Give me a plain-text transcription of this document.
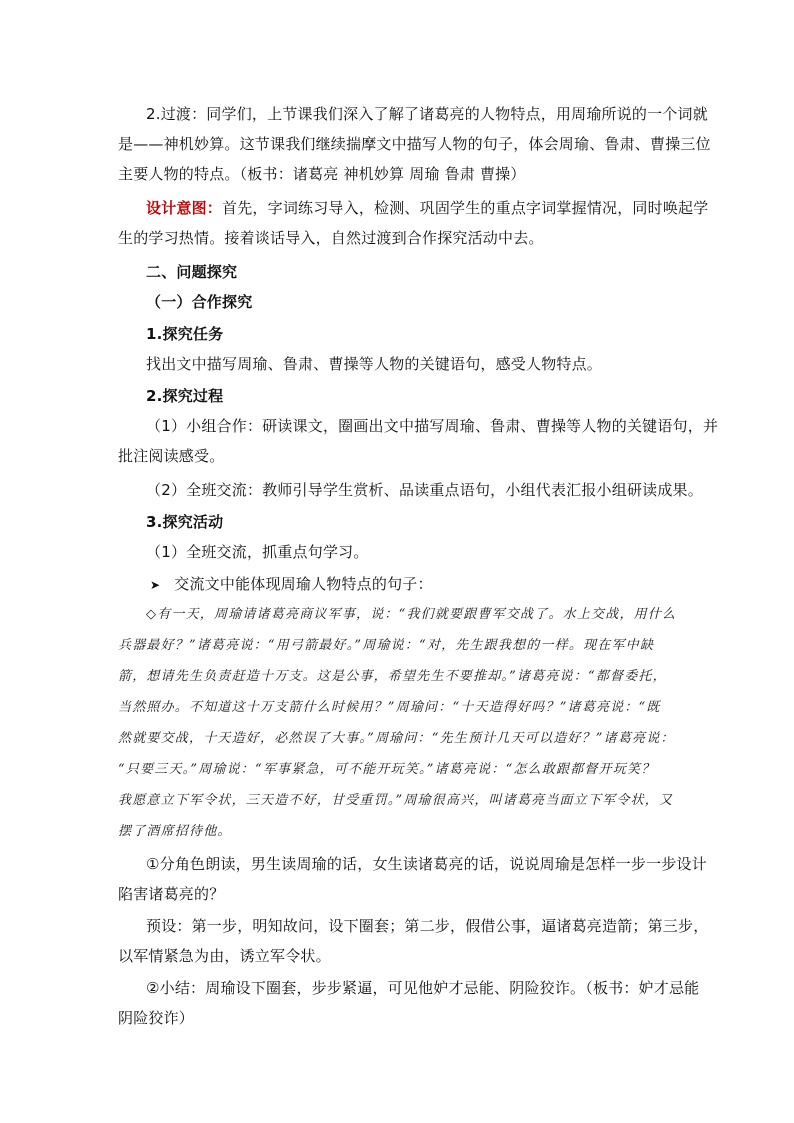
2.过渡：同学们，上节课我们深入了解了诸葛亮的人物特点，用周瑜所说的一个词就
是——神机妙算。这节课我们继续揣摩文中描写人物的句子，体会周瑜、鲁肃、曹操三位
主要人物的特点。（板书：诸葛亮 神机妙算 周瑜 鲁肃 曹操）
设计意图：首先，字词练习导入，检测、巩固学生的重点字词掌握情况，同时唤起学
生的学习热情。接着谈话导入，自然过渡到合作探究活动中去。
二、问题探究
（一）合作探究
1.探究任务
找出文中描写周瑜、鲁肃、曹操等人物的关键语句，感受人物特点。
2.探究过程
（1）小组合作：研读课文，圈画出文中描写周瑜、鲁肃、曹操等人物的关键语句，并
批注阅读感受。
（2）全班交流：教师引导学生赏析、品读重点语句，小组代表汇报小组研读成果。
3.探究活动
（1）全班交流，抓重点句学习。
➤ 交流文中能体现周瑜人物特点的句子：
◇有一天，周瑜请诸葛亮商议军事，说：“我们就要跟曹军交战了。水上交战，用什么
兵器最好？”诸葛亮说：“用弓箭最好。”周瑜说：“对，先生跟我想的一样。现在军中缺
箭，想请先生负责赶造十万支。这是公事，希望先生不要推却。”诸葛亮说：“都督委托，
当然照办。不知道这十万支箭什么时候用？”周瑜问：“十天造得好吗？”诸葛亮说：“既
然就要交战，十天造好，必然误了大事。”周瑜问：“先生预计几天可以造好？”诸葛亮说：
“只要三天。”周瑜说：“军事紧急，可不能开玩笑。”诸葛亮说：“怎么敢跟都督开玩笑？
我愿意立下军令状，三天造不好，甘受重罚。”周瑜很高兴，叫诸葛亮当面立下军令状，又
摆了酒席招待他。
①分角色朗读，男生读周瑜的话，女生读诸葛亮的话，说说周瑜是怎样一步一步设计
陷害诸葛亮的？
预设：第一步，明知故问，设下圈套；第二步，假借公事，逼诸葛亮造箭；第三步，
以军情紧急为由，诱立军令状。
②小结：周瑜设下圈套，步步紧逼，可见他妒才忌能、阴险狡诈。（板书：妒才忌能
阴险狡诈）
